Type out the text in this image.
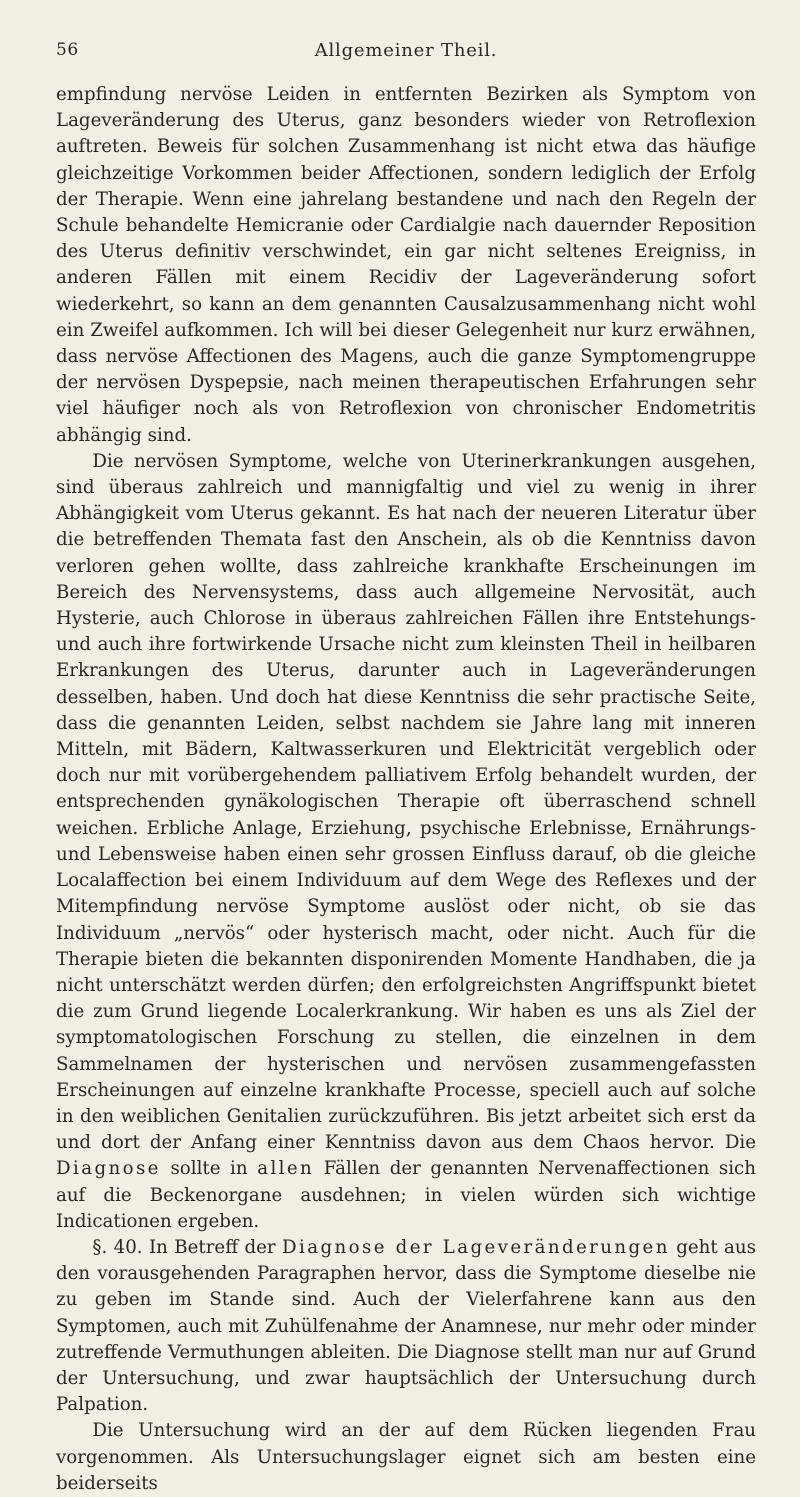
56	Allgemeiner Theil.

empfindung nervöse Leiden in entfernten Bezirken als Symptom von Lageveränderung des Uterus, ganz besonders wieder von Retroflexion auftreten. Beweis für solchen Zusammenhang ist nicht etwa das häufige gleichzeitige Vorkommen beider Affectionen, sondern lediglich der Erfolg der Therapie. Wenn eine jahrelang bestandene und nach den Regeln der Schule behandelte Hemicranie oder Cardialgie nach dauernder Reposition des Uterus definitiv verschwindet, ein gar nicht seltenes Ereigniss, in anderen Fällen mit einem Recidiv der Lageveränderung sofort wiederkehrt, so kann an dem genannten Causalzusammenhang nicht wohl ein Zweifel aufkommen. Ich will bei dieser Gelegenheit nur kurz erwähnen, dass nervöse Affectionen des Magens, auch die ganze Symptomengruppe der nervösen Dyspepsie, nach meinen therapeutischen Erfahrungen sehr viel häufiger noch als von Retroflexion von chronischer Endometritis abhängig sind.

Die nervösen Symptome, welche von Uterinerkrankungen ausgehen, sind überaus zahlreich und mannigfaltig und viel zu wenig in ihrer Abhängigkeit vom Uterus gekannt. Es hat nach der neueren Literatur über die betreffenden Themata fast den Anschein, als ob die Kenntniss davon verloren gehen wollte, dass zahlreiche krankhafte Erscheinungen im Bereich des Nervensystems, dass auch allgemeine Nervosität, auch Hysterie, auch Chlorose in überaus zahlreichen Fällen ihre Entstehungs- und auch ihre fortwirkende Ursache nicht zum kleinsten Theil in heilbaren Erkrankungen des Uterus, darunter auch in Lageveränderungen desselben, haben. Und doch hat diese Kenntniss die sehr practische Seite, dass die genannten Leiden, selbst nachdem sie Jahre lang mit inneren Mitteln, mit Bädern, Kaltwasserkuren und Elektricität vergeblich oder doch nur mit vorübergehendem palliativem Erfolg behandelt wurden, der entsprechenden gynäkologischen Therapie oft überraschend schnell weichen. Erbliche Anlage, Erziehung, psychische Erlebnisse, Ernährungs- und Lebensweise haben einen sehr grossen Einfluss darauf, ob die gleiche Localaffection bei einem Individuum auf dem Wege des Reflexes und der Mitempfindung nervöse Symptome auslöst oder nicht, ob sie das Individuum „nervös“ oder hysterisch macht, oder nicht. Auch für die Therapie bieten die bekannten disponirenden Momente Handhaben, die ja nicht unterschätzt werden dürfen; den erfolgreichsten Angriffspunkt bietet die zum Grund liegende Localerkrankung. Wir haben es uns als Ziel der symptomatologischen Forschung zu stellen, die einzelnen in dem Sammelnamen der hysterischen und nervösen zusammengefassten Erscheinungen auf einzelne krankhafte Processe, speciell auch auf solche in den weiblichen Genitalien zurückzuführen. Bis jetzt arbeitet sich erst da und dort der Anfang einer Kenntniss davon aus dem Chaos hervor. Die Diagnose sollte in allen Fällen der genannten Nervenaffectionen sich auf die Beckenorgane ausdehnen; in vielen würden sich wichtige Indicationen ergeben.

§. 40. In Betreff der Diagnose der Lageveränderungen geht aus den vorausgehenden Paragraphen hervor, dass die Symptome dieselbe nie zu geben im Stande sind. Auch der Vielerfahrene kann aus den Symptomen, auch mit Zuhülfenahme der Anamnese, nur mehr oder minder zutreffende Vermuthungen ableiten. Die Diagnose stellt man nur auf Grund der Untersuchung, und zwar hauptsächlich der Untersuchung durch Palpation.

Die Untersuchung wird an der auf dem Rücken liegenden Frau vorgenommen. Als Untersuchungslager eignet sich am besten eine beiderseits
